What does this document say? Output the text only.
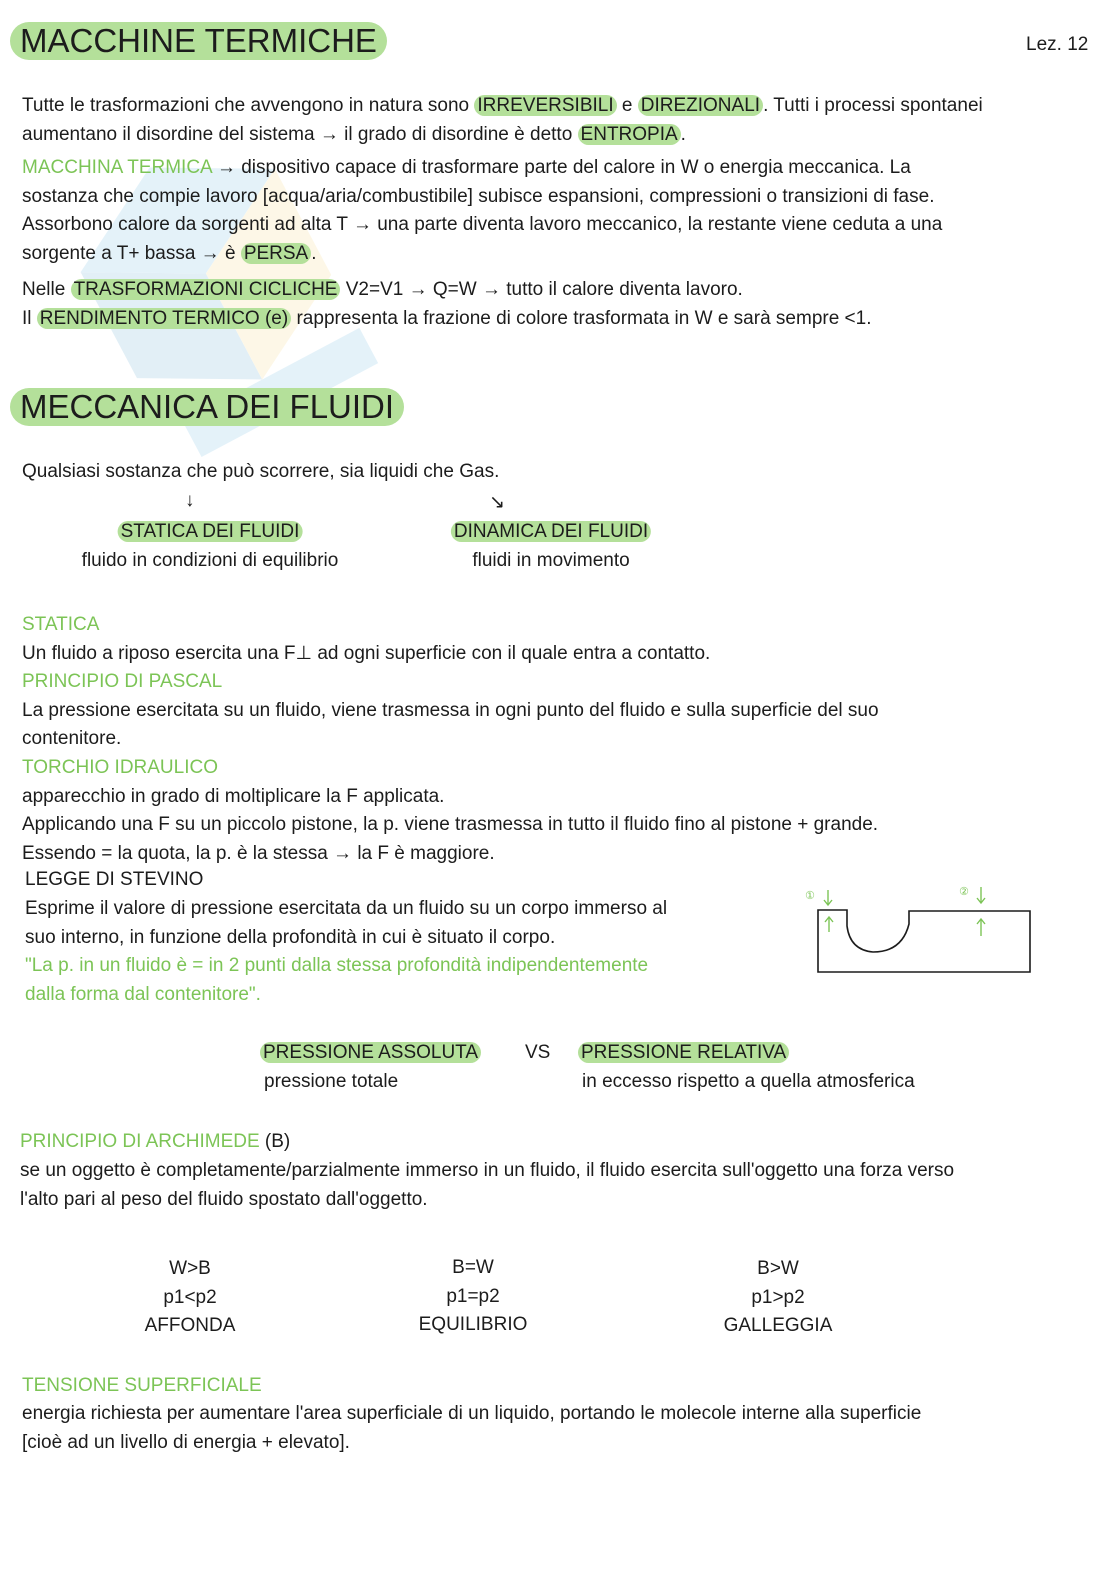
MACCHINE TERMICHE	Lez. 12
Tutte le trasformazioni che avvengono in natura sono IRREVERSIBILI e DIREZIONALI . Tutti i processi spontanei
aumentano il disordine del sistema → il grado di disordine è detto ENTROPIA .
MACCHINA TERMICA → dispositivo capace di trasformare parte del calore in W o energia meccanica. La
sostanza che compie lavoro [acqua/aria/combustibile] subisce espansioni, compressioni o transizioni di fase.
Assorbono calore da sorgenti ad alta T → una parte diventa lavoro meccanico, la restante viene ceduta a una
sorgente a T+ bassa → è PERSA .
Nelle TRASFORMAZIONI CICLICHE V2=V1 → Q=W → tutto il calore diventa lavoro.
Il RENDIMENTO TERMICO (e) rappresenta la frazione di colore trasformata in W e sarà sempre <1.
MECCANICA DEI FLUIDI
Qualsiasi sostanza che può scorrere, sia liquidi che Gas.
↓	↘
STATICA DEI FLUIDI
fluido in condizioni di equilibrio
DINAMICA DEI FLUIDI
fluidi in movimento
STATICA
Un fluido a riposo esercita una F⊥ ad ogni superficie con il quale entra a contatto.
PRINCIPIO DI PASCAL
La pressione esercitata su un fluido, viene trasmessa in ogni punto del fluido e sulla superficie del suo
contenitore.
TORCHIO IDRAULICO
apparecchio in grado di moltiplicare la F applicata.
Applicando una F su un piccolo pistone, la p. viene trasmessa in tutto il fluido fino al pistone + grande.
Essendo = la quota, la p. è la stessa → la F è maggiore.
LEGGE DI STEVINO
Esprime il valore di pressione esercitata da un fluido su un corpo immerso al
suo interno, in funzione della profondità in cui è situato il corpo.
"La p. in un fluido è = in 2 punti dalla stessa profondità indipendentemente
dalla forma dal contenitore".
①	②
PRESSIONE ASSOLUTA VS PRESSIONE RELATIVA
pressione totale	in eccesso rispetto a quella atmosferica
PRINCIPIO DI ARCHIMEDE (B)
se un oggetto è completamente/parzialmente immerso in un fluido, il fluido esercita sull'oggetto una forza verso
l'alto pari al peso del fluido spostato dall'oggetto.
W>B
p1<p2
AFFONDA
B=W
p1=p2
EQUILIBRIO
B>W
p1>p2
GALLEGGIA
TENSIONE SUPERFICIALE
energia richiesta per aumentare l'area superficiale di un liquido, portando le molecole interne alla superficie
[cioè ad un livello di energia + elevato].
